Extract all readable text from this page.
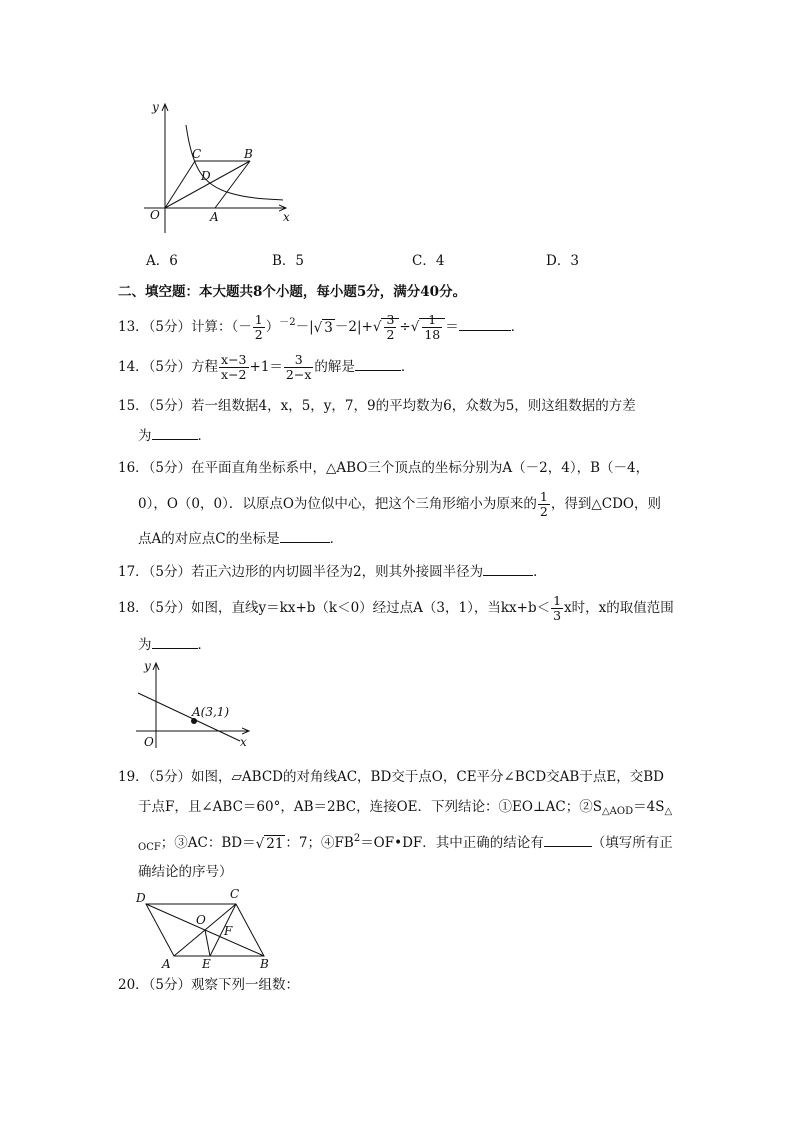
y
x
O
C	B
D
A
A．6	B．5	C．4	D．3
二、填空题：本大题共8个小题，每小题5分，满分40分。
13．（5分）计算：（－ $\frac{1}{2} )^{-2}-|√$ $3 -2|+√ \frac{3}{2}$ ÷√ $\frac{1}{18}$ ＝	．
14．（5分）方程 $\frac{x-3}{x-2} +1= \frac{3}{2-x}$ 的解是	．
15．（5分）若一组数据4，x，5，y，7，9的平均数为6，众数为5，则这组数据的方差
为	．
16．（5分）在平面直角坐标系中，△ABO三个顶点的坐标分别为A（－2，4），B（－4，
0），O（0，0）．以原点O为位似中心，把这个三角形缩小为原来的 $\frac{1}{2}$ ，得到△CDO，则
点A的对应点C的坐标是	．
17．（5分）若正六边形的内切圆半径为2，则其外接圆半径为	．
18．（5分）如图，直线y＝kx+b（k＜0）经过点A（3，1），当$kx+b< \frac{1}{3}$ x时，x的取值范围
为	．
y
O	x
A(3,1)
19．（5分）如图，▱ABCD的对角线AC，BD交于点O，CE平分∠BCD交AB于点E，交BD
于点F，且∠ABC＝60°，AB＝2BC，连接OE．下列结论：①EO⊥AC；$②S_{\triangle AOD}=4S_\triangle$
$_{OCF}$；③AC：BD＝√ 21 ：7；$④FB^2=OF•DF$．其中正确的结论有	（填写所有正
确结论的序号）
D	C
O
F
A	E	B
20．（5分）观察下列一组数：
